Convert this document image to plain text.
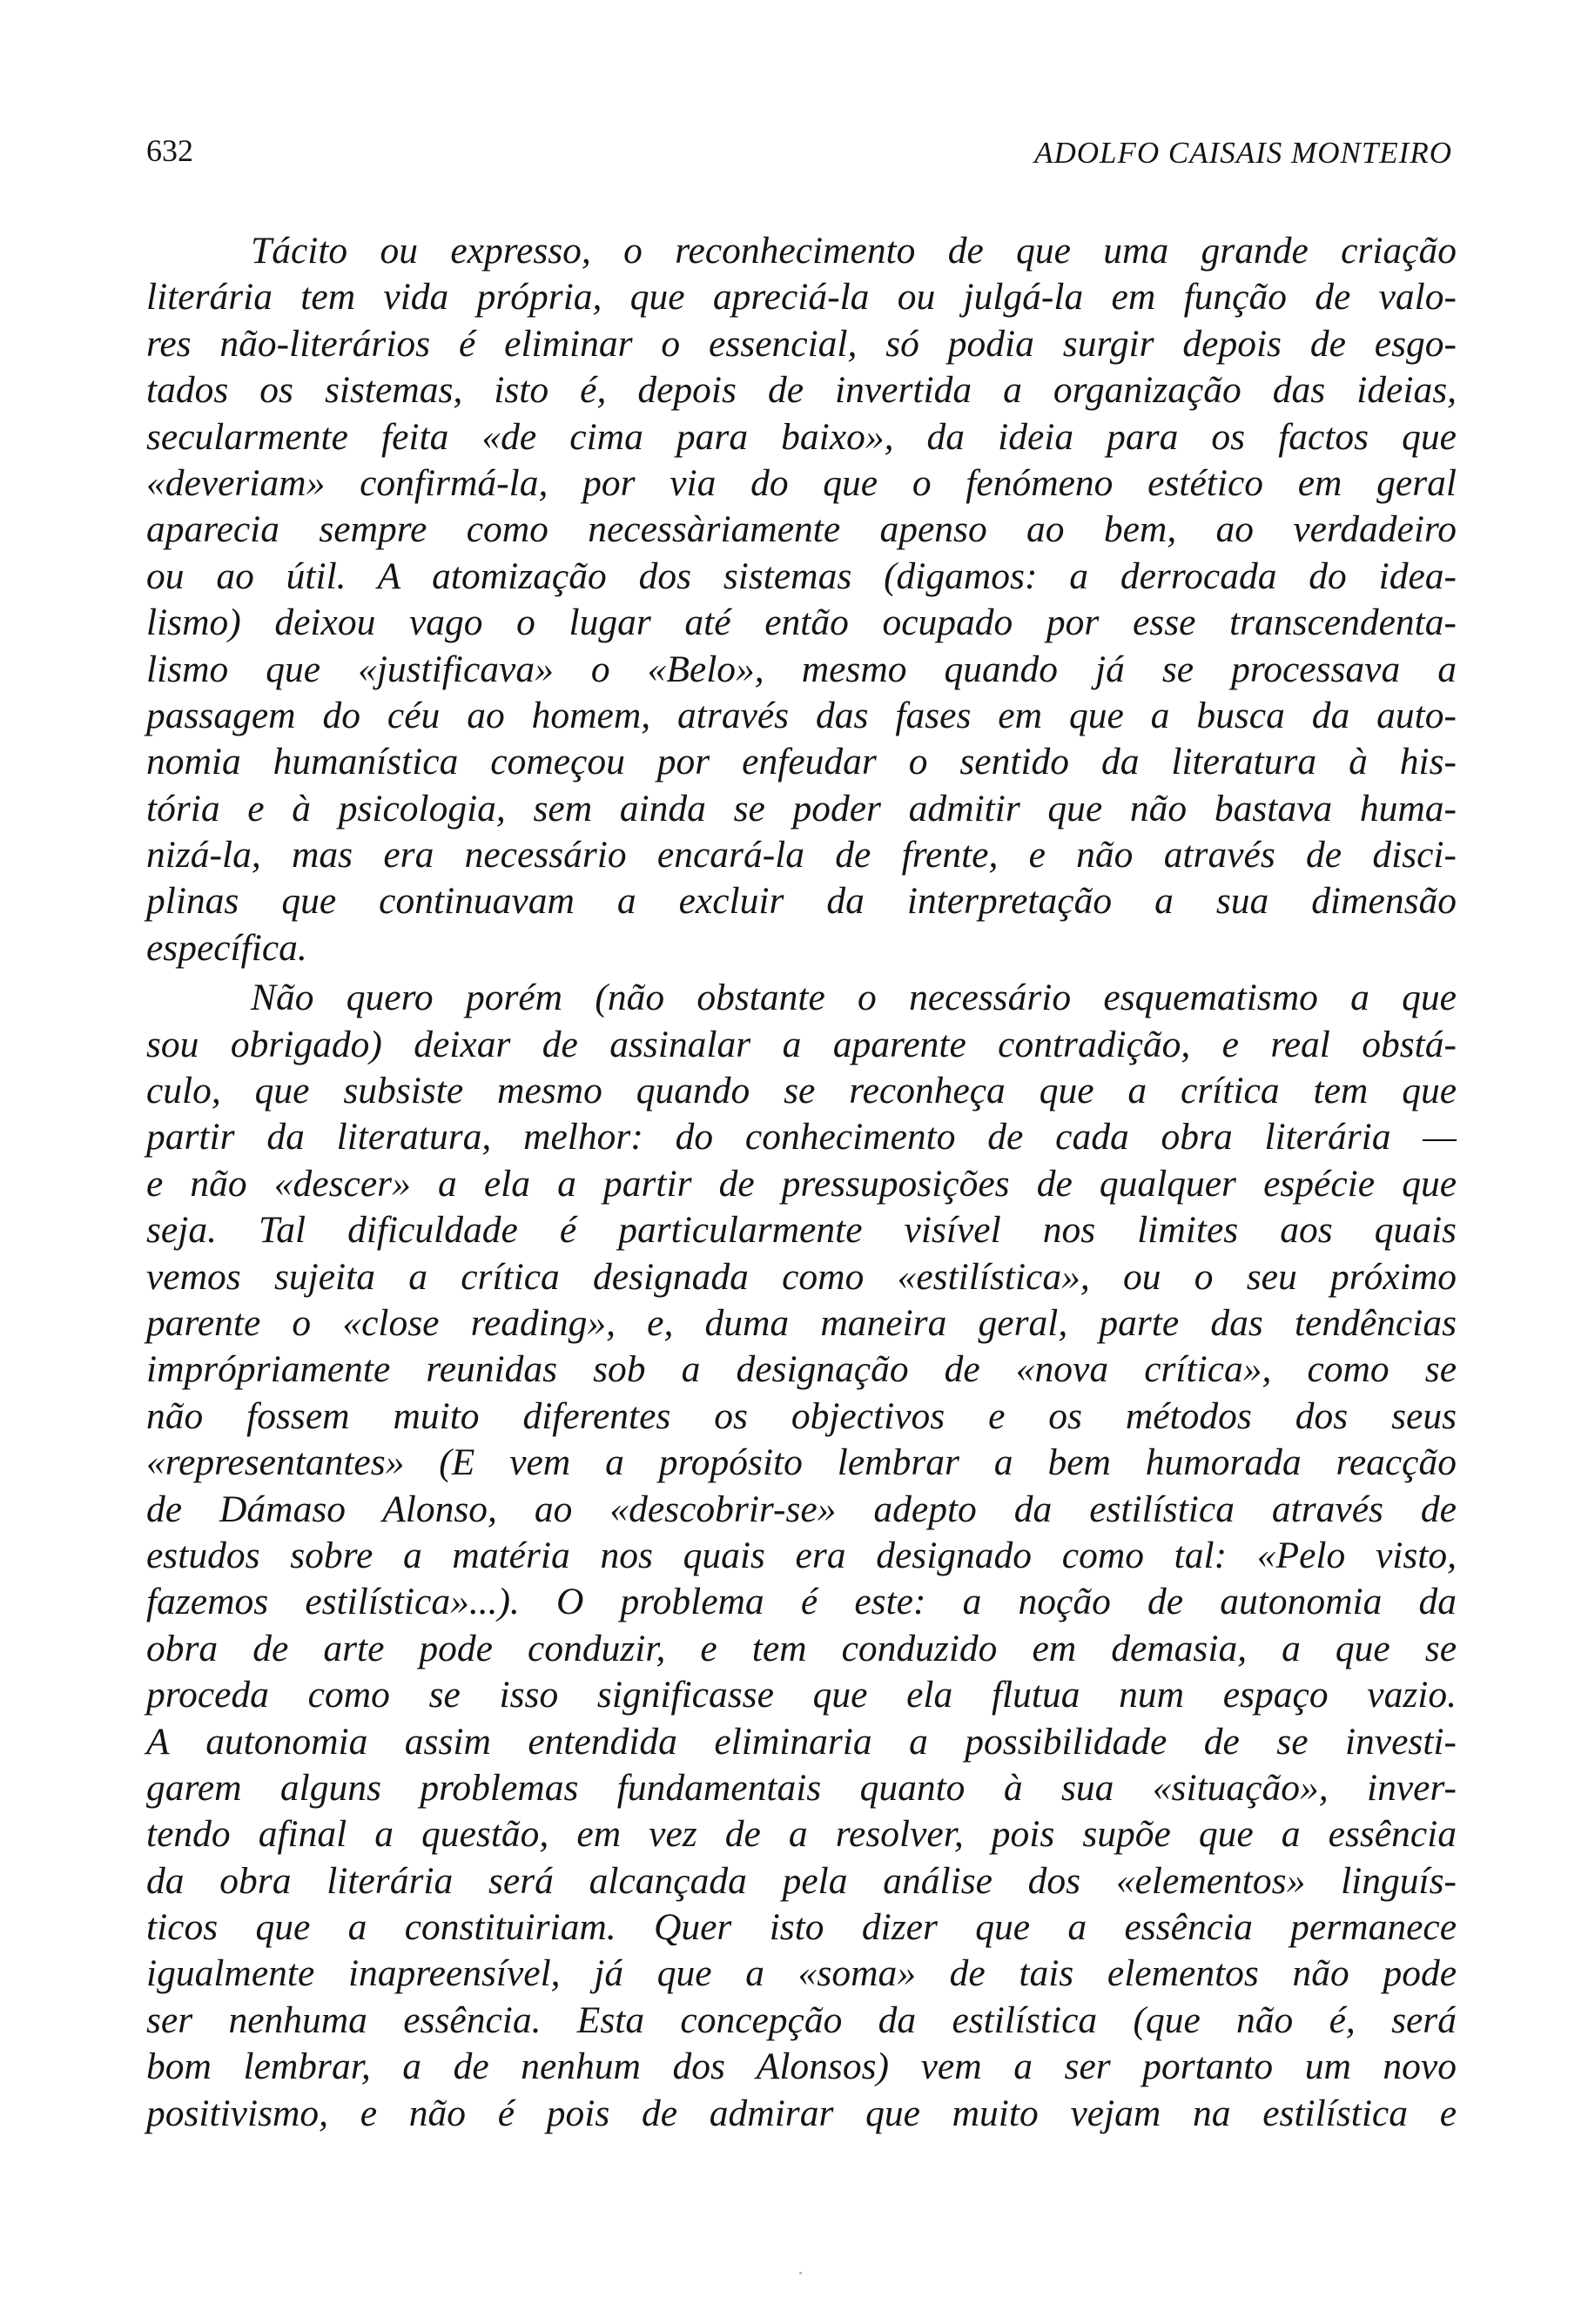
632	ADOLFO CAISAIS MONTEIRO
Tácito ou expresso, o reconhecimento de que uma grande criação
literária tem vida própria, que apreciá-la ou julgá-la em função de valo-
res não-literários é eliminar o essencial, só podia surgir depois de esgo-
tados os sistemas, isto é, depois de invertida a organização das ideias,
secularmente feita «de cima para baixo», da ideia para os factos que
«deveriam» confirmá-la, por via do que o fenómeno estético em geral
aparecia sempre como necessàriamente apenso ao bem, ao verdadeiro
ou ao útil. A atomização dos sistemas (digamos: a derrocada do idea-
lismo) deixou vago o lugar até então ocupado por esse transcendenta-
lismo que «justificava» o «Belo», mesmo quando já se processava a
passagem do céu ao homem, através das fases em que a busca da auto-
nomia humanística começou por enfeudar o sentido da literatura à his-
tória e à psicologia, sem ainda se poder admitir que não bastava huma-
nizá-la, mas era necessário encará-la de frente, e não através de disci-
plinas que continuavam a excluir da interpretação a sua dimensão
específica.
Não quero porém (não obstante o necessário esquematismo a que
sou obrigado) deixar de assinalar a aparente contradição, e real obstá-
culo, que subsiste mesmo quando se reconheça que a crítica tem que
partir da literatura, melhor: do conhecimento de cada obra literária —
e não «descer» a ela a partir de pressuposições de qualquer espécie que
seja. Tal dificuldade é particularmente visível nos limites aos quais
vemos sujeita a crítica designada como «estilística», ou o seu próximo
parente o «close reading», e, duma maneira geral, parte das tendências
imprópriamente reunidas sob a designação de «nova crítica», como se
não fossem muito diferentes os objectivos e os métodos dos seus
«representantes» (E vem a propósito lembrar a bem humorada reacção
de Dámaso Alonso, ao «descobrir-se» adepto da estilística através de
estudos sobre a matéria nos quais era designado como tal: «Pelo visto,
fazemos estilística»...). O problema é este: a noção de autonomia da
obra de arte pode conduzir, e tem conduzido em demasia, a que se
proceda como se isso significasse que ela flutua num espaço vazio.
A autonomia assim entendida eliminaria a possibilidade de se investi-
garem alguns problemas fundamentais quanto à sua «situação», inver-
tendo afinal a questão, em vez de a resolver, pois supõe que a essência
da obra literária será alcançada pela análise dos «elementos» linguís-
ticos que a constituiriam. Quer isto dizer que a essência permanece
igualmente inapreensível, já que a «soma» de tais elementos não pode
ser nenhuma essência. Esta concepção da estilística (que não é, será
bom lembrar, a de nenhum dos Alonsos) vem a ser portanto um novo
positivismo, e não é pois de admirar que muito vejam na estilística e
